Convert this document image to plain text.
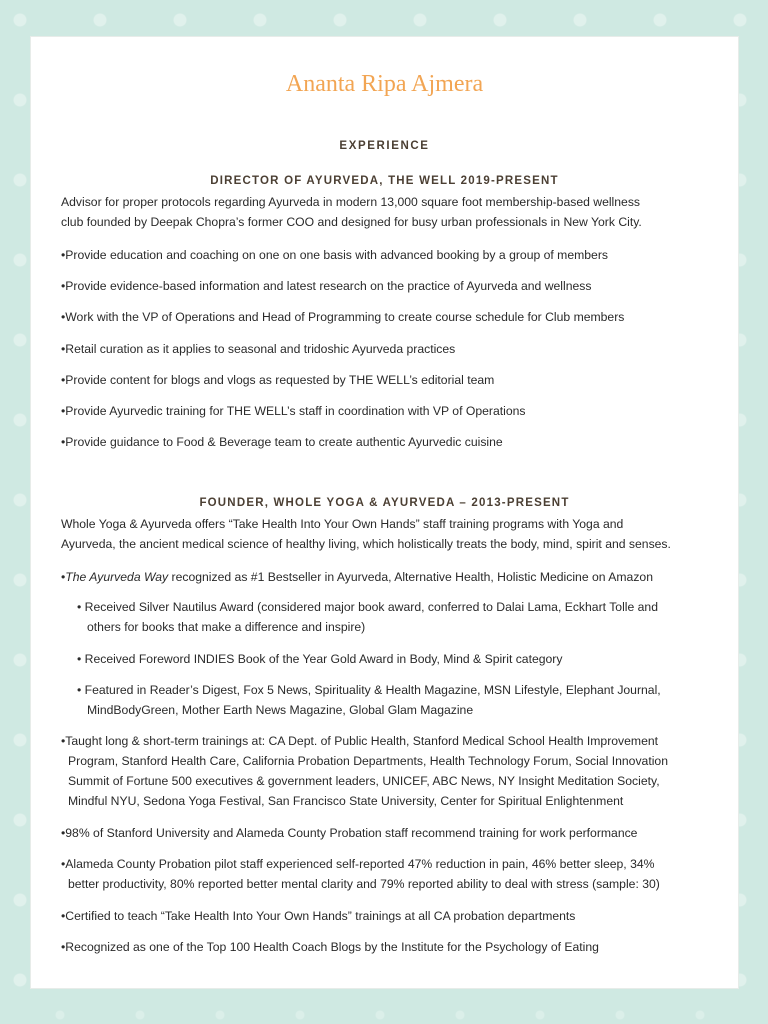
Ananta Ripa Ajmera
EXPERIENCE
DIRECTOR OF AYURVEDA, THE WELL 2019-PRESENT
Advisor for proper protocols regarding Ayurveda in modern 13,000 square foot membership-based wellness
club founded by Deepak Chopra’s former COO and designed for busy urban professionals in New York City.
•Provide education and coaching on one on one basis with advanced booking by a group of members
•Provide evidence-based information and latest research on the practice of Ayurveda and wellness
•Work with the VP of Operations and Head of Programming to create course schedule for Club members
•Retail curation as it applies to seasonal and tridoshic Ayurveda practices
•Provide content for blogs and vlogs as requested by THE WELL’s editorial team
•Provide Ayurvedic training for THE WELL’s staff in coordination with VP of Operations
•Provide guidance to Food & Beverage team to create authentic Ayurvedic cuisine
FOUNDER, WHOLE YOGA & AYURVEDA – 2013-PRESENT
Whole Yoga & Ayurveda offers “Take Health Into Your Own Hands” staff training programs with Yoga and
Ayurveda, the ancient medical science of healthy living, which holistically treats the body, mind, spirit and senses.
•The Ayurveda Way recognized as #1 Bestseller in Ayurveda, Alternative Health, Holistic Medicine on Amazon
• Received Silver Nautilus Award (considered major book award, conferred to Dalai Lama, Eckhart Tolle and
others for books that make a difference and inspire)
• Received Foreword INDIES Book of the Year Gold Award in Body, Mind & Spirit category
• Featured in Reader’s Digest, Fox 5 News, Spirituality & Health Magazine, MSN Lifestyle, Elephant Journal,
MindBodyGreen, Mother Earth News Magazine, Global Glam Magazine
•Taught long & short-term trainings at: CA Dept. of Public Health, Stanford Medical School Health Improvement
Program, Stanford Health Care, California Probation Departments, Health Technology Forum, Social Innovation
Summit of Fortune 500 executives & government leaders, UNICEF, ABC News, NY Insight Meditation Society,
Mindful NYU, Sedona Yoga Festival, San Francisco State University, Center for Spiritual Enlightenment
•98% of Stanford University and Alameda County Probation staff recommend training for work performance
•Alameda County Probation pilot staff experienced self-reported 47% reduction in pain, 46% better sleep, 34%
better productivity, 80% reported better mental clarity and 79% reported ability to deal with stress (sample: 30)
•Certified to teach “Take Health Into Your Own Hands” trainings at all CA probation departments
•Recognized as one of the Top 100 Health Coach Blogs by the Institute for the Psychology of Eating
